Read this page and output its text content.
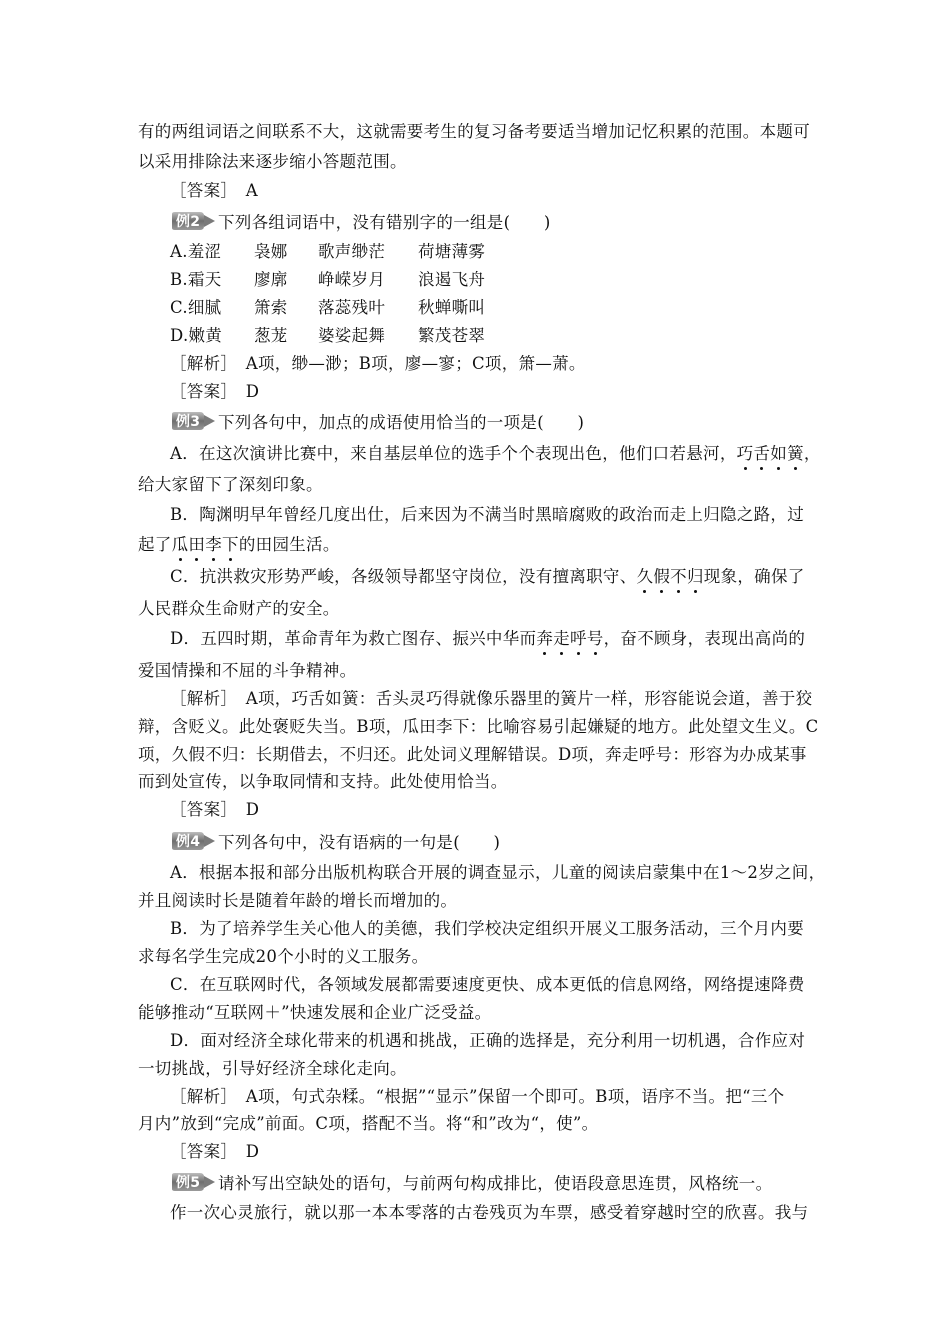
有的两组词语之间联系不大，这就需要考生的复习备考要适当增加记忆积累的范围。本题可
以采用排除法来逐步缩小答题范围。
［答案］　A
例2 下列各组词语中，没有错别字的一组是(　　)
A.羞涩 袅娜 歌声缈茫 荷塘薄雾
B.霜天 廖廓 峥嵘岁月 浪遏飞舟
C.细腻 箫索 落蕊残叶 秋蝉嘶叫
D.嫩黄 葱茏 婆娑起舞 繁茂苍翠
［解析］　A项，缈—渺；B项，廖—寥；C项，箫—萧。
［答案］　D
例3 下列各句中，加点的成语使用恰当的一项是(　　)
A．在这次演讲比赛中，来自基层单位的选手个个表现出色，他们口若悬河，巧舌如簧，
给大家留下了深刻印象。
B．陶渊明早年曾经几度出仕，后来因为不满当时黑暗腐败的政治而走上归隐之路，过
起了瓜田李下的田园生活。
C．抗洪救灾形势严峻，各级领导都坚守岗位，没有擅离职守、久假不归现象，确保了
人民群众生命财产的安全。
D．五四时期，革命青年为救亡图存、振兴中华而奔走呼号，奋不顾身，表现出高尚的
爱国情操和不屈的斗争精神。
［解析］　A项，巧舌如簧：舌头灵巧得就像乐器里的簧片一样，形容能说会道，善于狡
辩，含贬义。此处褒贬失当。B项，瓜田李下：比喻容易引起嫌疑的地方。此处望文生义。C
项，久假不归：长期借去，不归还。此处词义理解错误。D项，奔走呼号：形容为办成某事
而到处宣传，以争取同情和支持。此处使用恰当。
［答案］　D
例4 下列各句中，没有语病的一句是(　　)
A．根据本报和部分出版机构联合开展的调查显示，儿童的阅读启蒙集中在1～2岁之间，
并且阅读时长是随着年龄的增长而增加的。
B．为了培养学生关心他人的美德，我们学校决定组织开展义工服务活动，三个月内要
求每名学生完成20个小时的义工服务。
C．在互联网时代，各领域发展都需要速度更快、成本更低的信息网络，网络提速降费
能够推动“互联网＋”快速发展和企业广泛受益。
D．面对经济全球化带来的机遇和挑战，正确的选择是，充分利用一切机遇，合作应对
一切挑战，引导好经济全球化走向。
［解析］　A项，句式杂糅。“根据”“显示”保留一个即可。B项，语序不当。把“三个
月内”放到“完成”前面。C项，搭配不当。将“和”改为“，使”。
［答案］　D
例5 请补写出空缺处的语句，与前两句构成排比，使语段意思连贯，风格统一。
作一次心灵旅行，就以那一本本零落的古卷残页为车票，感受着穿越时空的欣喜。我与
